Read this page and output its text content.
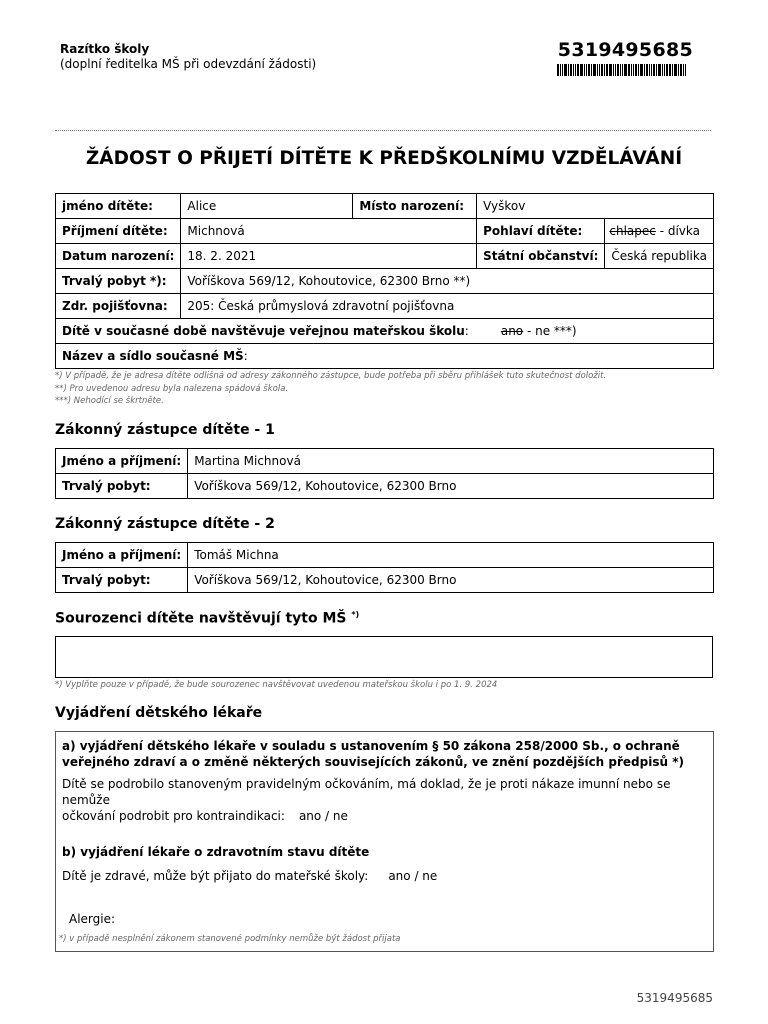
Razítko školy
(doplní ředitelka MŠ při odevzdání žádosti)
5319495685
ŽÁDOST O PŘIJETÍ DÍTĚTE K PŘEDŠKOLNÍMU VZDĚLÁVÁNÍ
jméno dítěte:	Alice	Místo narození:	Vyškov	
Příjmení dítěte:	Michnová		Pohlaví dítěte:	chlapec - dívka
Datum narození:	18. 2. 2021		Státní občanství:	Česká republika
Trvalý pobyt *):	Voříškova 569/12, Kohoutovice, 62300 Brno **)			
Zdr. pojišťovna:	205: Česká průmyslová zdravotní pojišťovna			
Dítě v současné době navštěvuje veřejnou mateřskou školu: ano - ne ***)				
Název a sídlo současné MŠ:				
*) V případě, že je adresa dítěte odlišná od adresy zákonného zástupce, bude potřeba při sběru přihlášek tuto skutečnost doložit.
**) Pro uvedenou adresu byla nalezena spádová škola.
***) Nehodící se škrtněte.
Zákonný zástupce dítěte - 1
Jméno a příjmení:	Martina Michnová
Trvalý pobyt:	Voříškova 569/12, Kohoutovice, 62300 Brno
Zákonný zástupce dítěte - 2
Jméno a příjmení:	Tomáš Michna
Trvalý pobyt:	Voříškova 569/12, Kohoutovice, 62300 Brno
Sourozenci dítěte navštěvují tyto MŠ *)
*) Vyplňte pouze v případě, že bude sourozenec navštěvovat uvedenou mateřskou školu i po 1. 9. 2024
Vyjádření dětského lékaře
a) vyjádření dětského lékaře v souladu s ustanovením § 50 zákona 258/2000 Sb., o ochraně
veřejného zdraví a o změně některých souvisejících zákonů, ve znění pozdějších předpisů *)
Dítě se podrobilo stanoveným pravidelným očkováním, má doklad, že je proti nákaze imunní nebo se nemůže
očkování podrobit pro kontraindikaci: ano / ne
b) vyjádření lékaře o zdravotním stavu dítěte
Dítě je zdravé, může být přijato do mateřské školy: ano / ne
Alergie:
*) v případě nesplnění zákonem stanovené podmínky nemůže být žádost přijata
5319495685
